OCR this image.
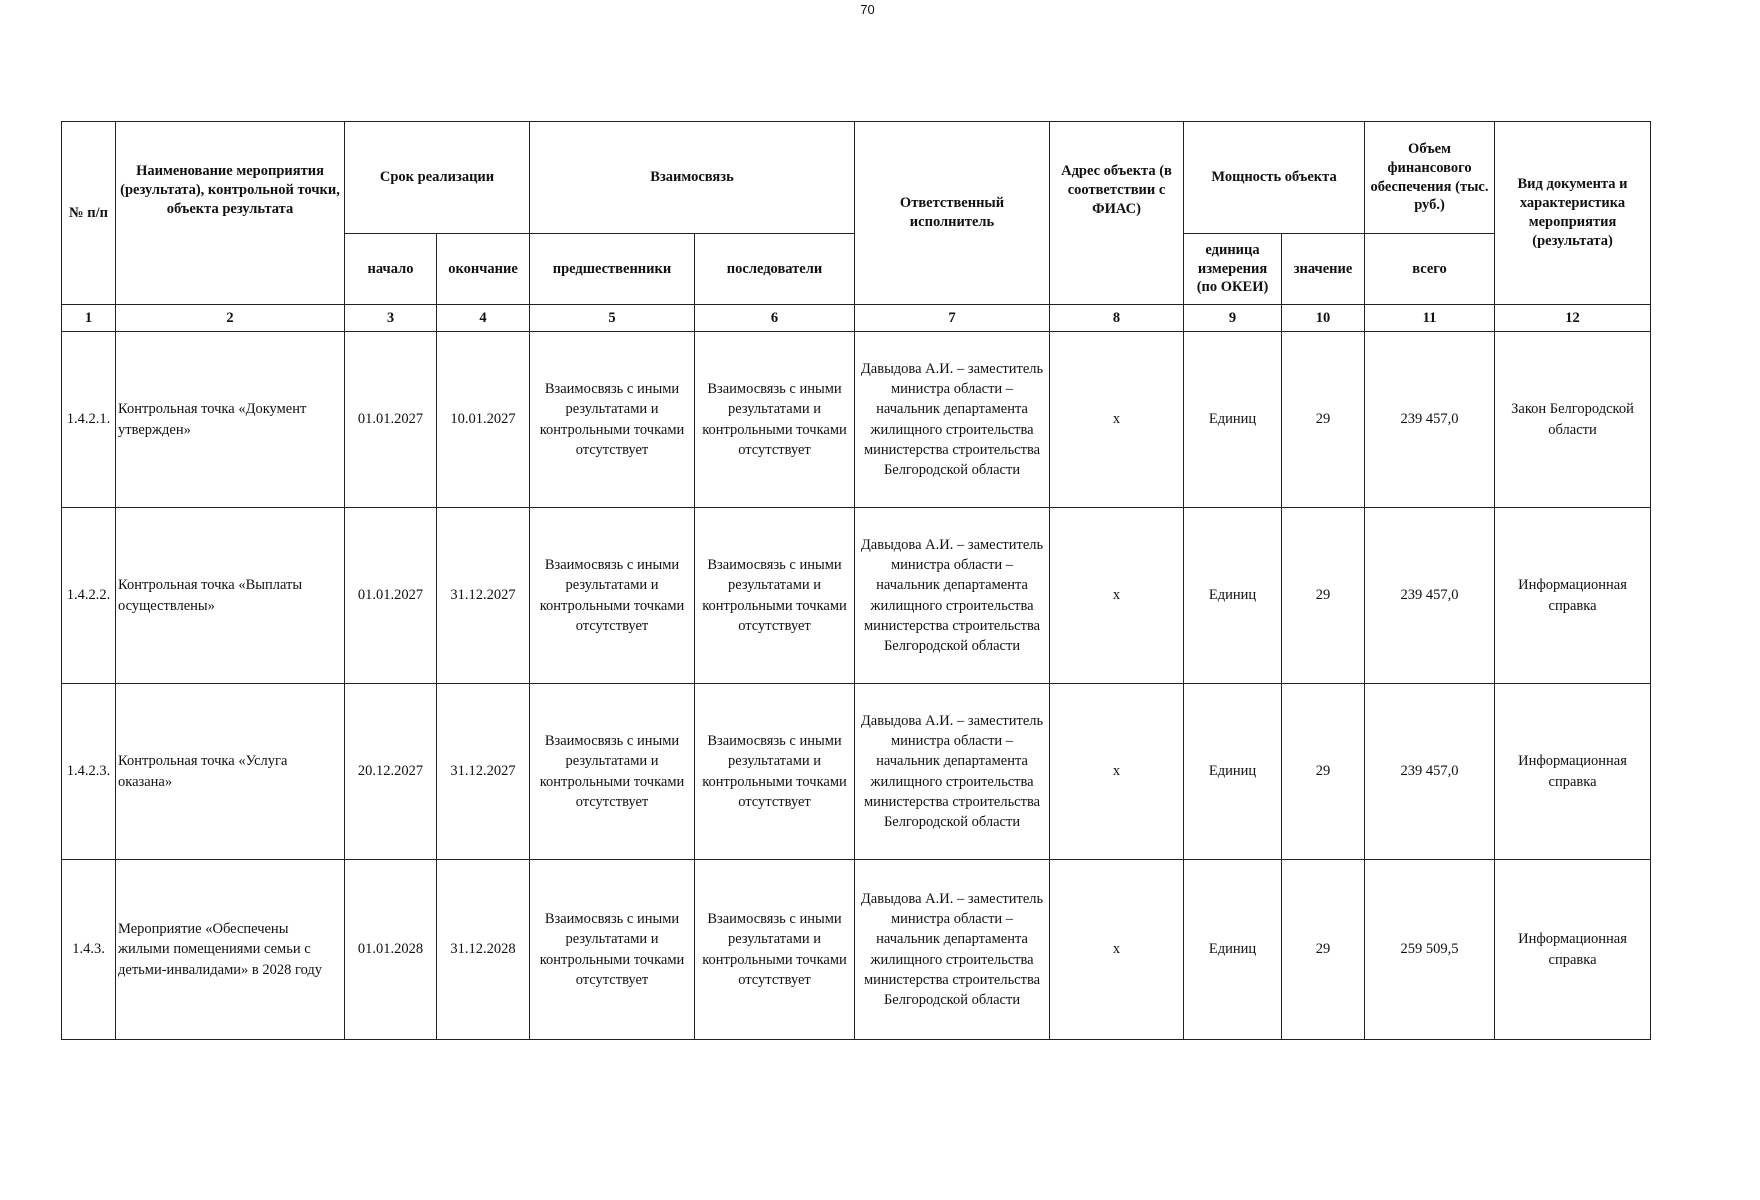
70
№ п/п	Наименование мероприятия (результата), контрольной точки, объекта результата	Срок реализации		Взаимосвязь		Ответственный исполнитель	Адрес объекта (в соответствии с ФИАС)	Мощность объекта		Объем финансового обеспечения (тыс. руб.)	Вид документа и характеристика мероприятия (результата)
		начало	окончание	предшественники	последователи			единица измерения (по ОКЕИ)	значение	всего	
1	2	3	4	5	6	7	8	9	10	11	12
1.4.2.1.	Контрольная точка «Документ утвержден»	01.01.2027	10.01.2027	Взаимосвязь с иными результатами и контрольными точками отсутствует	Взаимосвязь с иными результатами и контрольными точками отсутствует	Давыдова А.И. – заместитель министра области – начальник департамента жилищного строительства министерства строительства Белгородской области	х	Единиц	29	239 457,0	Закон Белгородской области
1.4.2.2.	Контрольная точка «Выплаты осуществлены»	01.01.2027	31.12.2027	Взаимосвязь с иными результатами и контрольными точками отсутствует	Взаимосвязь с иными результатами и контрольными точками отсутствует	Давыдова А.И. – заместитель министра области – начальник департамента жилищного строительства министерства строительства Белгородской области	х	Единиц	29	239 457,0	Информационная справка
1.4.2.3.	Контрольная точка «Услуга оказана»	20.12.2027	31.12.2027	Взаимосвязь с иными результатами и контрольными точками отсутствует	Взаимосвязь с иными результатами и контрольными точками отсутствует	Давыдова А.И. – заместитель министра области – начальник департамента жилищного строительства министерства строительства Белгородской области	х	Единиц	29	239 457,0	Информационная справка
1.4.3.	Мероприятие «Обеспечены жилыми помещениями семьи с детьми-инвалидами» в 2028 году	01.01.2028	31.12.2028	Взаимосвязь с иными результатами и контрольными точками отсутствует	Взаимосвязь с иными результатами и контрольными точками отсутствует	Давыдова А.И. – заместитель министра области – начальник департамента жилищного строительства министерства строительства Белгородской области	х	Единиц	29	259 509,5	Информационная справка
